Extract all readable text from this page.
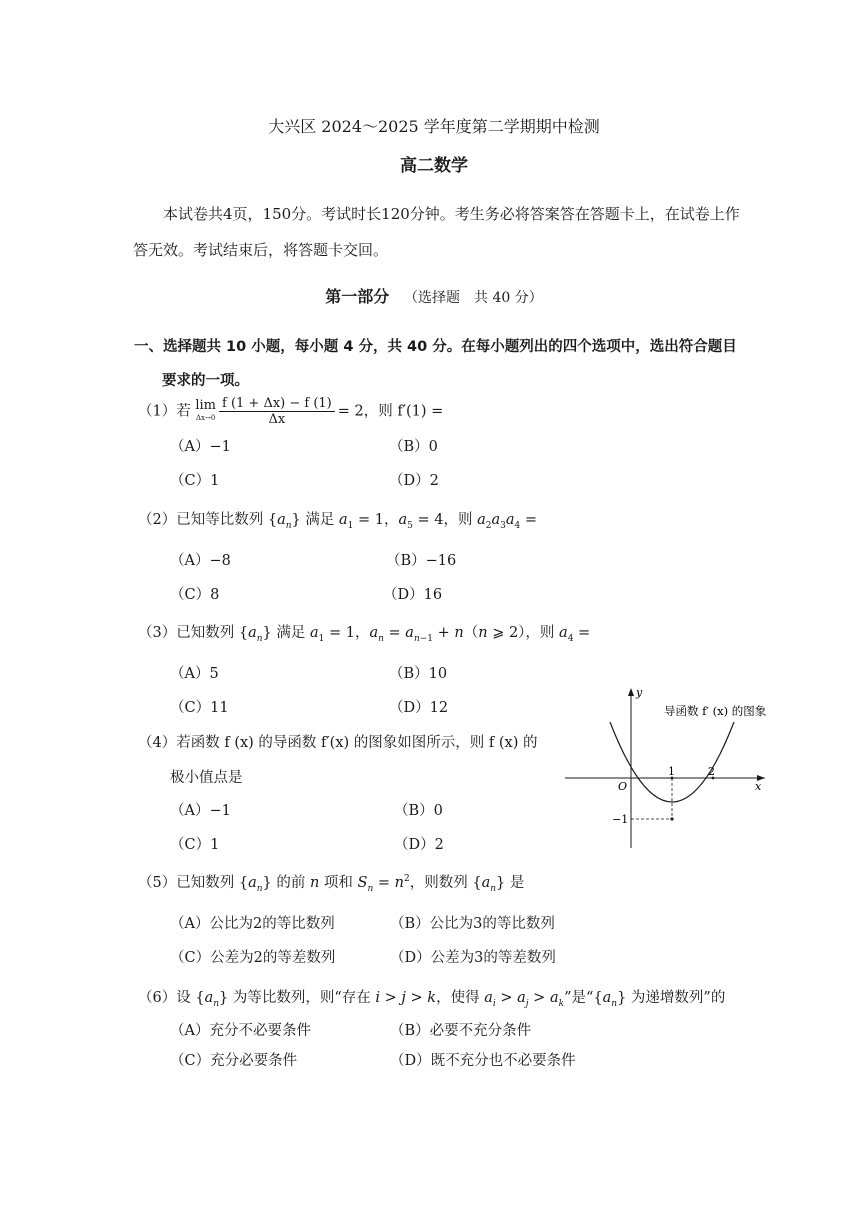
大兴区 2024～2025 学年度第二学期期中检测
高二数学
本试卷共4页，150分。考试时长120分钟。考生务必将答案答在答题卡上，在试卷上作答无效。考试结束后，将答题卡交回。
第一部分 （选择题　共 40 分）
一、选择题共 10 小题，每小题 4 分，共 40 分。在每小题列出的四个选项中，选出符合题目
要求的一项。
（1）若 lim
$\Delta x\to 0 \frac{f (1 + \Delta x) - f (1)}{\Delta x} = 2$，则 f′(1) =
（A）−1	（B）0
（C）1	（D）2
（2）已知等比数列 $\{a_n\}$ 满足 $a_1 = 1$，$a_5 = 4$，则 $a_2a_3a_4$ =
（A）−8	（B）−16
（C）8	（D）16
（3）已知数列 $\{a_n\}$ 满足 $a_1 = 1$，$a_n = a_{n-1} + n(n$ ⩾ 2），则 $a_4$ =
（A）5	（B）10
（C）11	（D）12
（4）若函数 f (x) 的导函数 f′(x) 的图象如图所示，则 f (x) 的
极小值点是
（A）−1	（B）0
（C）1	（D）2
y
x
O
1	2
−1
导函数 f′ (x) 的图象
（5）已知数列 $\{a_n\}$ 的前 n 项和 $S_n = n^2$，则数列 $\{a_n\}$ 是
（A）公比为2的等比数列	（B）公比为3的等比数列
（C）公差为2的等差数列	（D）公差为3的等差数列
（6）设 $\{a_n\}$ 为等比数列，则“存在 i > j > k，使得 $a_i > a_j > a_k$”是“$\{a_n\}$ 为递增数列”的
（A）充分不必要条件	（B）必要不充分条件
（C）充分必要条件	（D）既不充分也不必要条件
